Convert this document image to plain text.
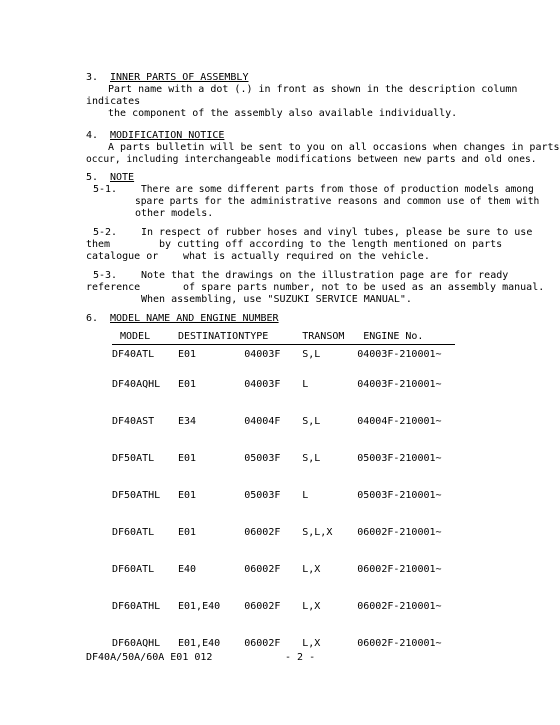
3. INNER PARTS OF ASSEMBLY
Part name with a dot (.) in front as shown in the description column
indicates
the component of the assembly also available individually.
4. MODIFICATION NOTICE
A parts bulletin will be sent to you on all occasions when changes in parts
occur, including interchangeable modifications between new parts and old ones.
5. NOTE
5-1. There are some different parts from those of production models among
spare parts for the administrative reasons and common use of them with
other models.
5-2. In respect of rubber hoses and vinyl tubes, please be sure to use
them	by cutting off according to the length mentioned on parts
catalogue or what is actually required on the vehicle.
5-3. Note that the drawings on the illustration page are for ready
reference	of spare parts number, not to be used as an assembly manual.
When assembling, use "SUZUKI SERVICE MANUAL".
6. MODEL NAME AND ENGINE NUMBER
MODEL	DESTINATION	TYPE	TRANSOM	ENGINE No.
DF40ATL	E01	04003F	S,L	04003F-210001~
DF40AQHL	E01	04003F	L	04003F-210001~
DF40AST	E34	04004F	S,L	04004F-210001~
DF50ATL	E01	05003F	S,L	05003F-210001~
DF50ATHL	E01	05003F	L	05003F-210001~
DF60ATL	E01	06002F	S,L,X	06002F-210001~
DF60ATL	E40	06002F	L,X	06002F-210001~
DF60ATHL	E01,E40	06002F	L,X	06002F-210001~
DF60AQHL	E01,E40	06002F	L,X	06002F-210001~
DF40A/50A/60A E01 012	- 2 -
